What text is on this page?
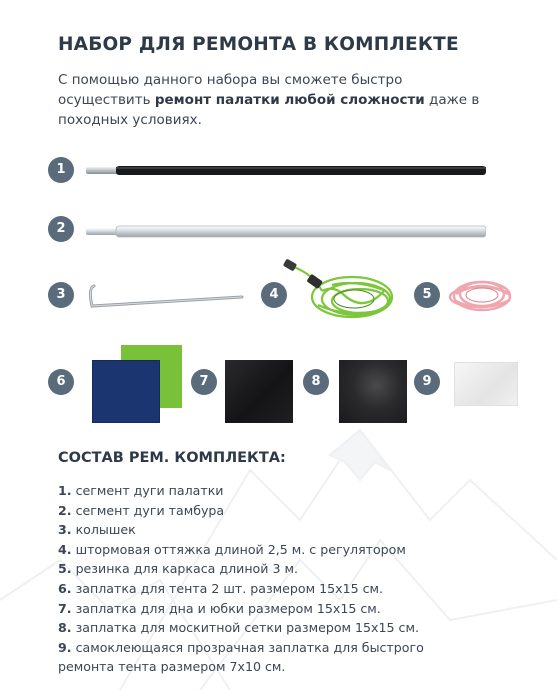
НАБОР ДЛЯ РЕМОНТА В КОМПЛЕКТЕ
С помощью данного набора вы сможете быстро осуществить ремонт палатки любой сложности даже в походных условиях.
1
2
3	4	5
6	7	8	9
СОСТАВ РЕМ. КОМПЛЕКТА:
1. сегмент дуги палатки
2. сегмент дуги тамбура
3. колышек
4. штормовая оттяжка длиной 2,5 м. с регулятором
5. резинка для каркаса длиной 3 м.
6. заплатка для тента 2 шт. размером 15x15 см.
7. заплатка для дна и юбки размером 15x15 см.
8. заплатка для москитной сетки размером 15x15 см.
9. самоклеющаяся прозрачная заплатка для быстрого
ремонта тента размером 7x10 см.
